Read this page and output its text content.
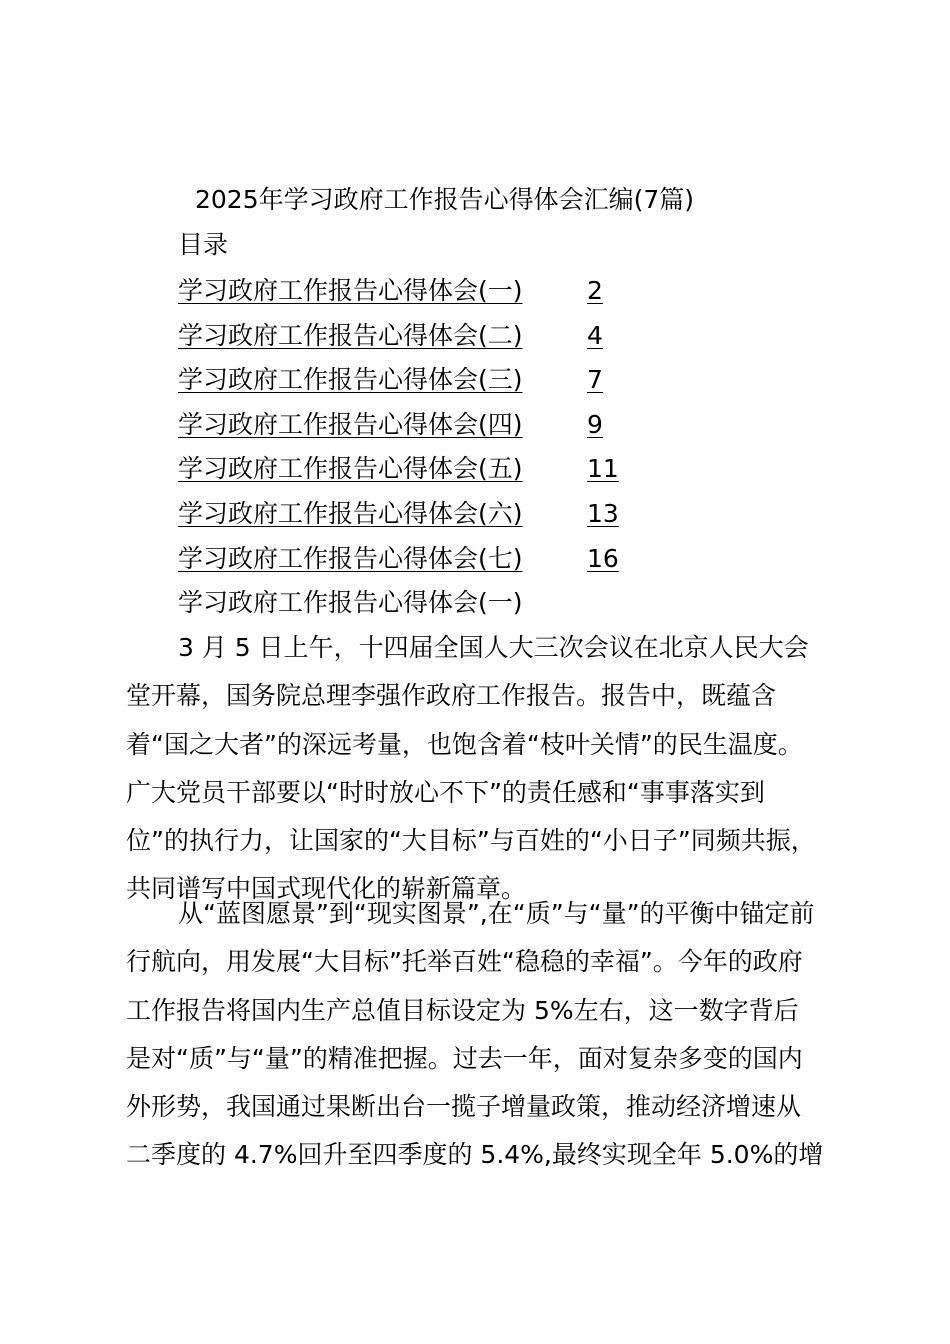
2025年学习政府工作报告心得体会汇编(7篇)
目录
学习政府工作报告心得体会(一)	2
学习政府工作报告心得体会(二)	4
学习政府工作报告心得体会(三)	7
学习政府工作报告心得体会(四)	9
学习政府工作报告心得体会(五)	11
学习政府工作报告心得体会(六)	13
学习政府工作报告心得体会(七)	16
学习政府工作报告心得体会(一)
3 月 5 日上午，十四届全国人大三次会议在北京人民大会
堂开幕，国务院总理李强作政府工作报告。报告中，既蕴含
着“国之大者”的深远考量，也饱含着“枝叶关情”的民生温度。
广大党员干部要以“时时放心不下”的责任感和“事事落实到
位”的执行力，让国家的“大目标”与百姓的“小日子”同频共振，
共同谱写中国式现代化的崭新篇章。
从“蓝图愿景”到“现实图景”,在“质”与“量”的平衡中锚定前
行航向，用发展“大目标”托举百姓“稳稳的幸福”。今年的政府
工作报告将国内生产总值目标设定为 5%左右，这一数字背后
是对“质”与“量”的精准把握。过去一年，面对复杂多变的国内
外形势，我国通过果断出台一揽子增量政策，推动经济增速从
二季度的 4.7%回升至四季度的 5.4%,最终实现全年 5.0%的增
